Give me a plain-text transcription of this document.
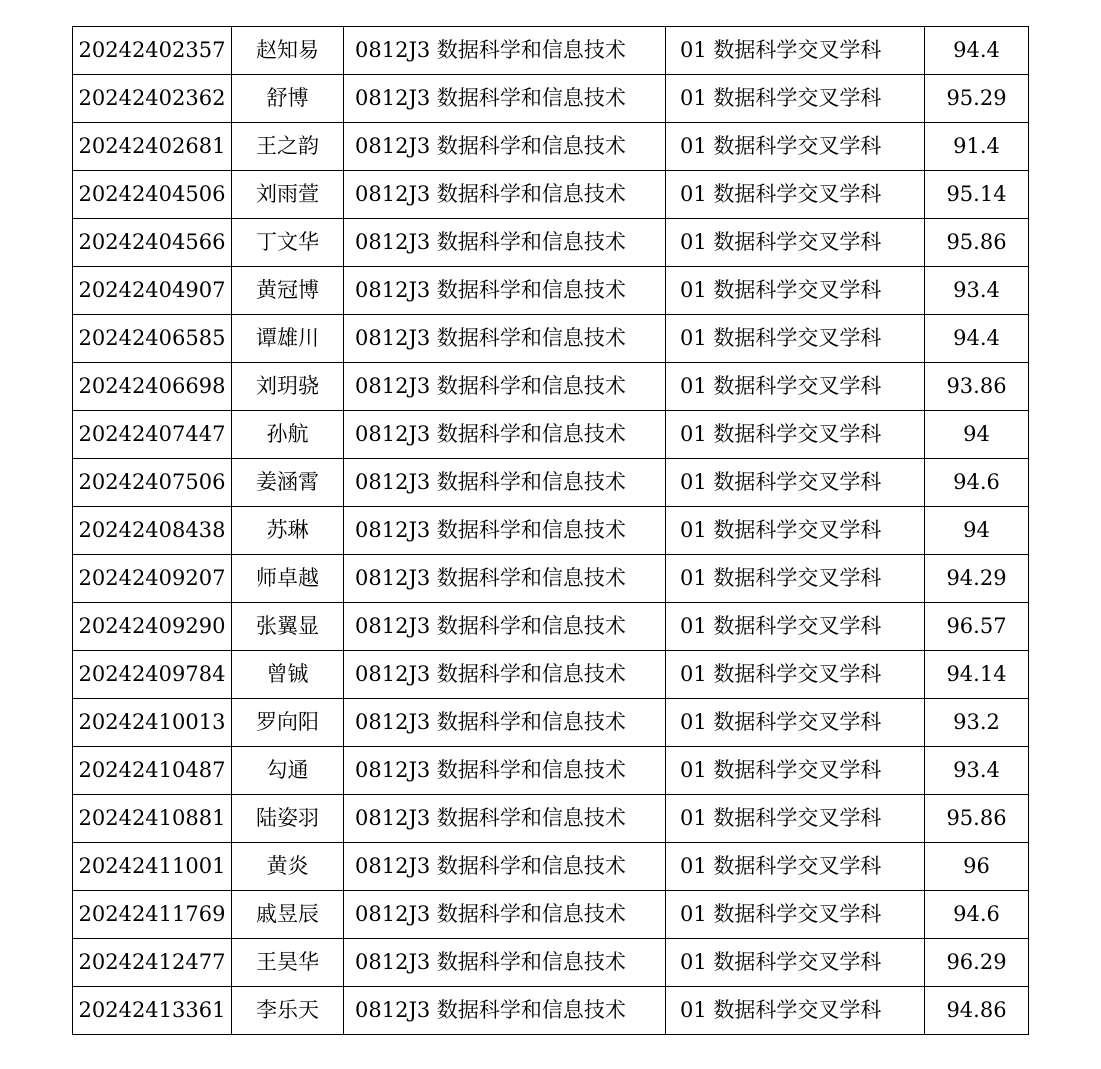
20242402357	赵知易	0812J3 数据科学和信息技术	01 数据科学交叉学科	94.4
20242402362	舒博	0812J3 数据科学和信息技术	01 数据科学交叉学科	95.29
20242402681	王之韵	0812J3 数据科学和信息技术	01 数据科学交叉学科	91.4
20242404506	刘雨萱	0812J3 数据科学和信息技术	01 数据科学交叉学科	95.14
20242404566	丁文华	0812J3 数据科学和信息技术	01 数据科学交叉学科	95.86
20242404907	黄冠博	0812J3 数据科学和信息技术	01 数据科学交叉学科	93.4
20242406585	谭雄川	0812J3 数据科学和信息技术	01 数据科学交叉学科	94.4
20242406698	刘玥骁	0812J3 数据科学和信息技术	01 数据科学交叉学科	93.86
20242407447	孙航	0812J3 数据科学和信息技术	01 数据科学交叉学科	94
20242407506	姜涵霄	0812J3 数据科学和信息技术	01 数据科学交叉学科	94.6
20242408438	苏琳	0812J3 数据科学和信息技术	01 数据科学交叉学科	94
20242409207	师卓越	0812J3 数据科学和信息技术	01 数据科学交叉学科	94.29
20242409290	张翼显	0812J3 数据科学和信息技术	01 数据科学交叉学科	96.57
20242409784	曾铖	0812J3 数据科学和信息技术	01 数据科学交叉学科	94.14
20242410013	罗向阳	0812J3 数据科学和信息技术	01 数据科学交叉学科	93.2
20242410487	勾通	0812J3 数据科学和信息技术	01 数据科学交叉学科	93.4
20242410881	陆姿羽	0812J3 数据科学和信息技术	01 数据科学交叉学科	95.86
20242411001	黄炎	0812J3 数据科学和信息技术	01 数据科学交叉学科	96
20242411769	戚昱辰	0812J3 数据科学和信息技术	01 数据科学交叉学科	94.6
20242412477	王昊华	0812J3 数据科学和信息技术	01 数据科学交叉学科	96.29
20242413361	李乐天	0812J3 数据科学和信息技术	01 数据科学交叉学科	94.86
